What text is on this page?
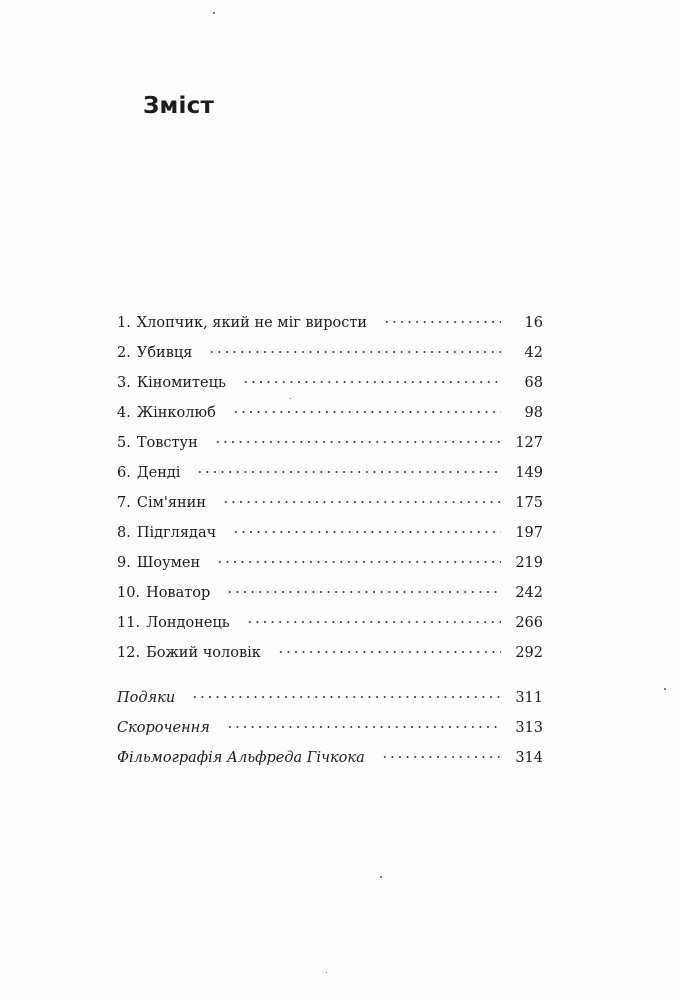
Зміст
1. Хлопчик, який не міг вирости	16
2. Убивця	42
3. Кіномитець	68
4. Жінколюб	98
5. Товстун	127
6. Денді	149
7. Сім'янин	175
8. Підглядач	197
9. Шоумен	219
10. Новатор	242
11. Лондонець	266
12. Божий чоловік	292
Подяки	311
Скорочення	313
Фільмографія Альфреда Гічкока	314
